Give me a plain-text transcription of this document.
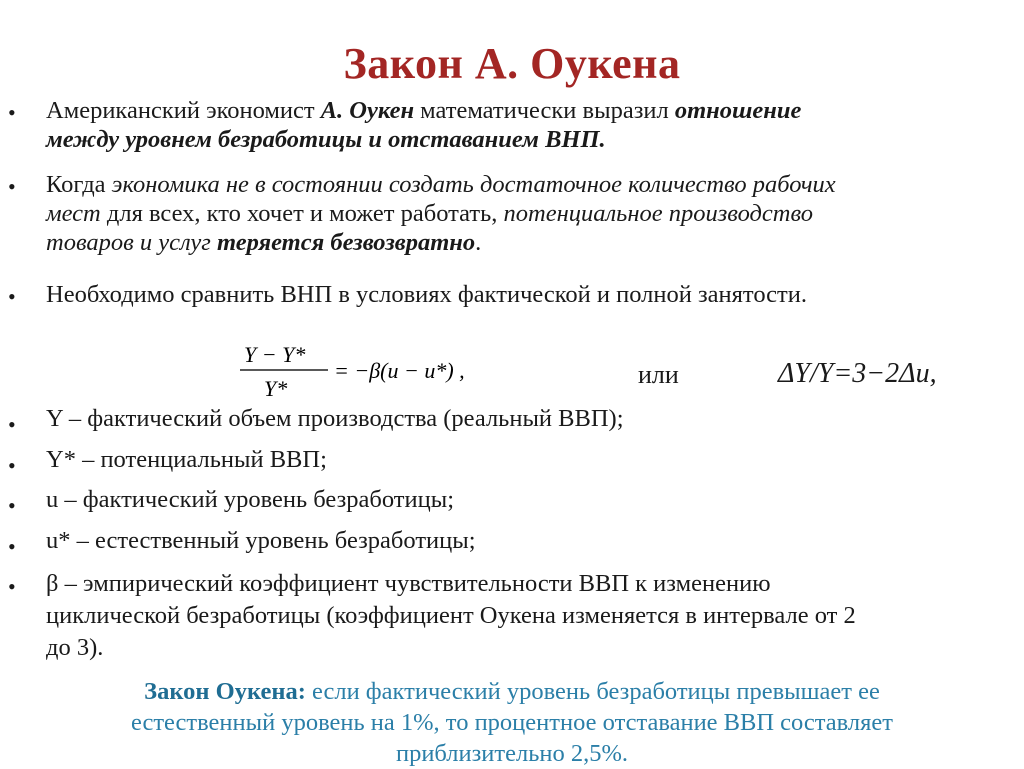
Закон А. Оукена
• Американский экономист А. Оукен математически выразил отношение
между уровнем безработицы и отставанием ВНП.
• Когда экономика не в состоянии создать достаточное количество рабочих
мест для всех, кто хочет и может работать, потенциальное производство
товаров и услуг теряется безвозвратно.
• Необходимо сравнить ВНП в условиях фактической и полной занятости.
Y − Y*
Y*
= −β(u − u*) ,	или	ΔY/Y=3−2Δu,
• Y – фактический объем производства (реальный ВВП);
• Y* – потенциальный ВВП;
• u – фактический уровень безработицы;
• u* – естественный уровень безработицы;
• β – эмпирический коэффициент чувствительности ВВП к изменению
циклической безработицы (коэффициент Оукена изменяется в интервале от 2
до 3).
Закон Оукена: если фактический уровень безработицы превышает ее
естественный уровень на 1%, то процентное отставание ВВП составляет
приблизительно 2,5%.
